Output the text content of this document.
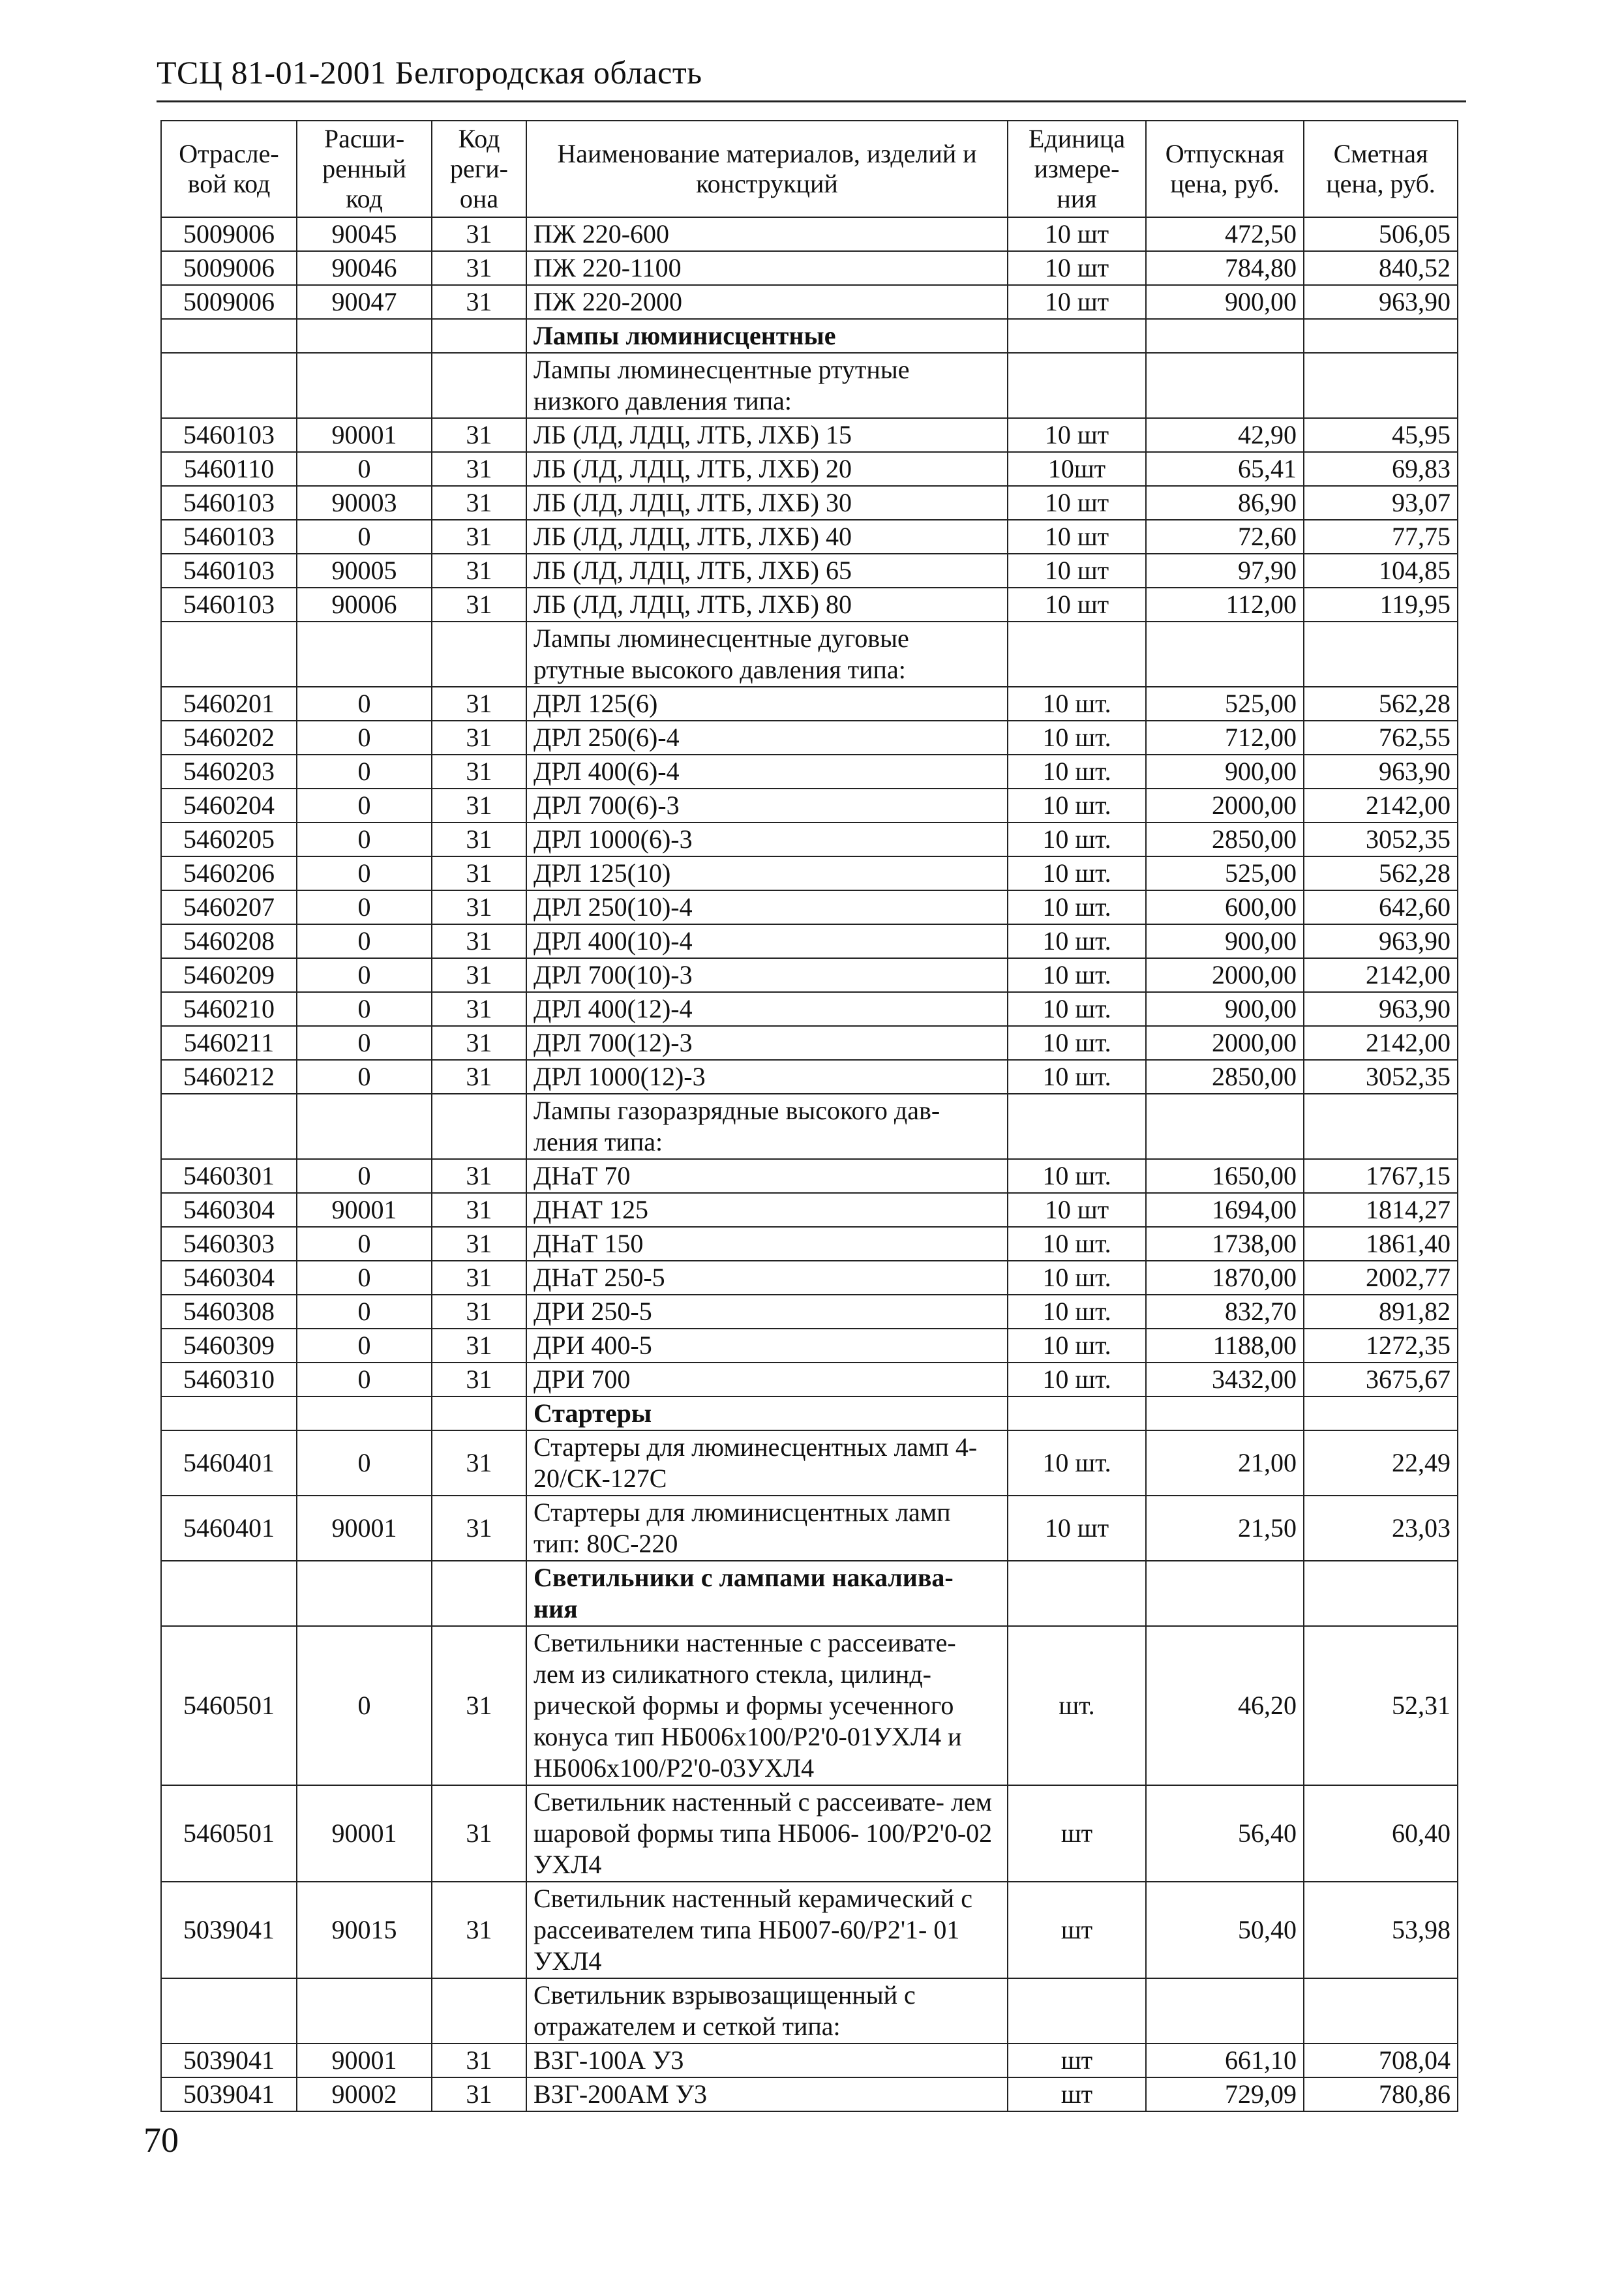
ТСЦ 81-01-2001 Белгородская область
Отрасле- вой код	Расши- ренный код	Код реги- она	Наименование материалов, изделий и конструкций	Единица измере- ния	Отпускная цена, руб.	Сметная цена, руб.
5009006	90045	31	ПЖ 220-600	10 шт	472,50	506,05
5009006	90046	31	ПЖ 220-1100	10 шт	784,80	840,52
5009006	90047	31	ПЖ 220-2000	10 шт	900,00	963,90
			Лампы люминисцентные			
			Лампы люминесцентные ртутные низкого давления типа:			
5460103	90001	31	ЛБ (ЛД, ЛДЦ, ЛТБ, ЛХБ) 15	10 шт	42,90	45,95
5460110	0	31	ЛБ (ЛД, ЛДЦ, ЛТБ, ЛХБ) 20	10шт	65,41	69,83
5460103	90003	31	ЛБ (ЛД, ЛДЦ, ЛТБ, ЛХБ) 30	10 шт	86,90	93,07
5460103	0	31	ЛБ (ЛД, ЛДЦ, ЛТБ, ЛХБ) 40	10 шт	72,60	77,75
5460103	90005	31	ЛБ (ЛД, ЛДЦ, ЛТБ, ЛХБ) 65	10 шт	97,90	104,85
5460103	90006	31	ЛБ (ЛД, ЛДЦ, ЛТБ, ЛХБ) 80	10 шт	112,00	119,95
			Лампы люминесцентные дуговые ртутные высокого давления типа:			
5460201	0	31	ДРЛ 125(6)	10 шт.	525,00	562,28
5460202	0	31	ДРЛ 250(6)-4	10 шт.	712,00	762,55
5460203	0	31	ДРЛ 400(6)-4	10 шт.	900,00	963,90
5460204	0	31	ДРЛ 700(6)-3	10 шт.	2000,00	2142,00
5460205	0	31	ДРЛ 1000(6)-3	10 шт.	2850,00	3052,35
5460206	0	31	ДРЛ 125(10)	10 шт.	525,00	562,28
5460207	0	31	ДРЛ 250(10)-4	10 шт.	600,00	642,60
5460208	0	31	ДРЛ 400(10)-4	10 шт.	900,00	963,90
5460209	0	31	ДРЛ 700(10)-3	10 шт.	2000,00	2142,00
5460210	0	31	ДРЛ 400(12)-4	10 шт.	900,00	963,90
5460211	0	31	ДРЛ 700(12)-3	10 шт.	2000,00	2142,00
5460212	0	31	ДРЛ 1000(12)-3	10 шт.	2850,00	3052,35
			Лампы газоразрядные высокого дав- ления типа:			
5460301	0	31	ДНаТ 70	10 шт.	1650,00	1767,15
5460304	90001	31	ДНАТ 125	10 шт	1694,00	1814,27
5460303	0	31	ДНаТ 150	10 шт.	1738,00	1861,40
5460304	0	31	ДНаТ 250-5	10 шт.	1870,00	2002,77
5460308	0	31	ДРИ 250-5	10 шт.	832,70	891,82
5460309	0	31	ДРИ 400-5	10 шт.	1188,00	1272,35
5460310	0	31	ДРИ 700	10 шт.	3432,00	3675,67
			Стартеры			
5460401	0	31	Стартеры для люминесцентных ламп 4-20/СК-127С	10 шт.	21,00	22,49
5460401	90001	31	Стартеры для люминисцентных ламп тип: 80С-220	10 шт	21,50	23,03
			Светильники с лампами накалива- ния			
5460501	0	31	Светильники настенные с рассеивате- лем из силикатного стекла, цилинд- рической формы и формы усеченного конуса тип НБ006х100/Р2'0-01УХЛ4 и НБ006х100/Р2'0-03УХЛ4	шт.	46,20	52,31
5460501	90001	31	Светильник настенный с рассеивате- лем шаровой формы типа НБ006- 100/Р2'0-02 УХЛ4	шт	56,40	60,40
5039041	90015	31	Светильник настенный керамический с рассеивателем типа НБ007-60/Р2'1- 01 УХЛ4	шт	50,40	53,98
			Светильник взрывозащищенный с отражателем и сеткой типа:			
5039041	90001	31	ВЗГ-100А У3	шт	661,10	708,04
5039041	90002	31	ВЗГ-200АМ У3	шт	729,09	780,86
70
